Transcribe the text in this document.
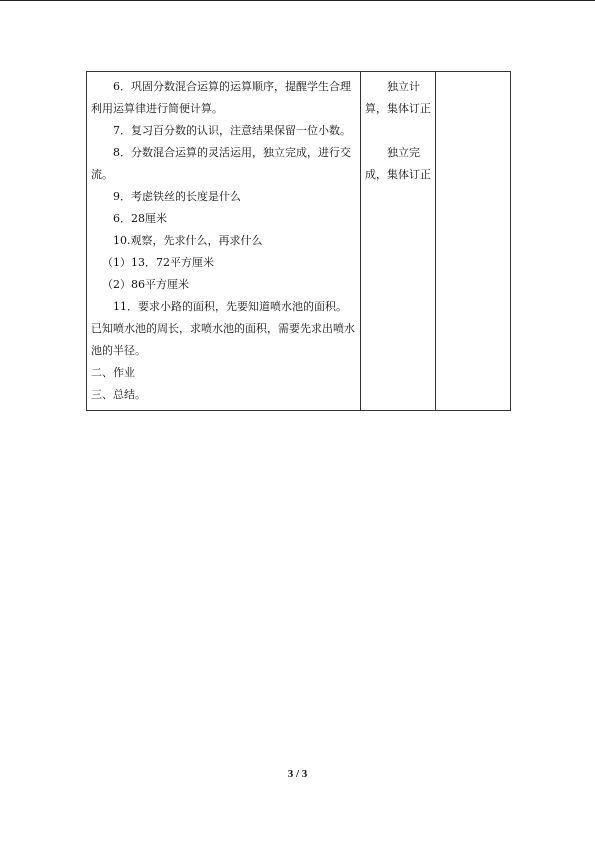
6．巩固分数混合运算的运算顺序，提醒学生合理利用运算律进行简便计算。
7．复习百分数的认识，注意结果保留一位小数。
8．分数混合运算的灵活运用，独立完成，进行交流。
9．考虑铁丝的长度是什么
6．28厘米
10.观察，先求什么，再求什么
（1）13．72平方厘米
（2）86平方厘米
11．要求小路的面积，先要知道喷水池的面积。已知喷水池的周长，求喷水池的面积，需要先求出喷水池的半径。
二、作业
三、总结。

独立计算，集体订正
独立完成，集体订正

3 / 3
